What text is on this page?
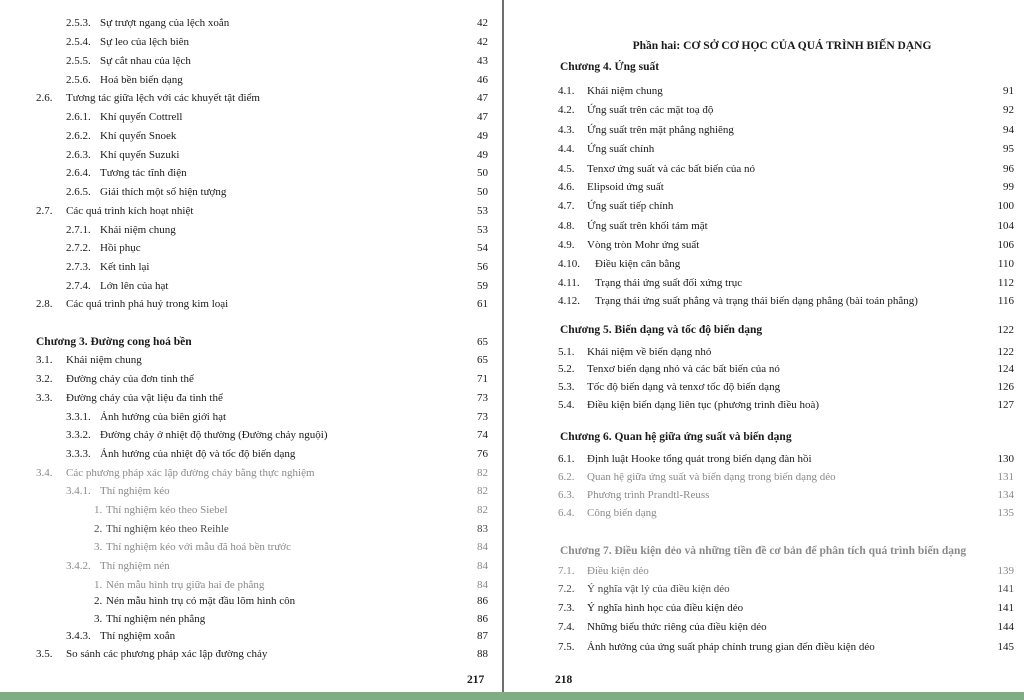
2.5.3. Sự trượt ngang của lệch xoắn	42
2.5.4. Sự leo của lệch biên	42
2.5.5. Sự cắt nhau của lệch	43
2.5.6. Hoá bền biến dạng	46
2.6. Tương tác giữa lệch với các khuyết tật điểm	47
2.6.1. Khí quyển Cottrell	47
2.6.2. Khí quyển Snoek	49
2.6.3. Khí quyển Suzuki	49
2.6.4. Tương tác tĩnh điện	50
2.6.5. Giải thích một số hiện tượng	50
2.7. Các quá trình kích hoạt nhiệt	53
2.7.1. Khái niệm chung	53
2.7.2. Hồi phục	54
2.7.3. Kết tinh lại	56
2.7.4. Lớn lên của hạt	59
2.8. Các quá trình phá huỷ trong kim loại	61
Chương 3. Đường cong hoá bền	65
3.1. Khái niệm chung	65
3.2. Đường chảy của đơn tinh thể	71
3.3. Đường chảy của vật liệu đa tinh thể	73
3.3.1. Ảnh hưởng của biên giới hạt	73
3.3.2. Đường chảy ở nhiệt độ thường (Đường chảy nguội)	74
3.3.3. Ảnh hưởng của nhiệt độ và tốc độ biến dạng	76
3.4. Các phương pháp xác lập đường chảy bằng thực nghiệm	82
3.4.1. Thí nghiệm kéo	82
1. Thí nghiệm kéo theo Siebel	82
2. Thí nghiệm kéo theo Reihle	83
3. Thí nghiệm kéo với mẫu đã hoá bền trước	84
3.4.2. Thí nghiệm nén	84
1. Nén mẫu hình trụ giữa hai đe phẳng	84
2. Nén mẫu hình trụ có mặt đầu lõm hình côn	86
3. Thí nghiệm nén phẳng	86
3.4.3. Thí nghiệm xoắn	87
3.5. So sánh các phương pháp xác lập đường chảy	88
217
Phần hai: CƠ SỞ CƠ HỌC CỦA QUÁ TRÌNH BIẾN DẠNG
Chương 4. Ứng suất
4.1. Khái niệm chung	91
4.2. Ứng suất trên các mặt toạ độ	92
4.3. Ứng suất trên mặt phẳng nghiêng	94
4.4. Ứng suất chính	95
4.5. Tenxơ ứng suất và các bất biến của nó	96
4.6. Elipsoid ứng suất	99
4.7. Ứng suất tiếp chính	100
4.8. Ứng suất trên khối tám mặt	104
4.9. Vòng tròn Mohr ứng suất	106
4.10. Điều kiện cân bằng	110
4.11. Trạng thái ứng suất đối xứng trục	112
4.12. Trạng thái ứng suất phẳng và trạng thái biến dạng phẳng (bài toán phẳng)	116
Chương 5. Biến dạng và tốc độ biến dạng	122
5.1. Khái niệm về biến dạng nhỏ	122
5.2. Tenxơ biến dạng nhỏ và các bất biến của nó	124
5.3. Tốc độ biến dạng và tenxơ tốc độ biến dạng	126
5.4. Điều kiện biến dạng liên tục (phương trình điều hoà)	127
Chương 6. Quan hệ giữa ứng suất và biến dạng
6.1. Định luật Hooke tổng quát trong biến dạng đàn hồi	130
6.2. Quan hệ giữa ứng suất và biến dạng trong biến dạng dẻo	131
6.3. Phương trình Prandtl-Reuss	134
6.4. Công biến dạng	135
Chương 7. Điều kiện dẻo và những tiền đề cơ bản để phân tích quá trình biến dạng
7.1. Điều kiện dẻo	139
7.2. Ý nghĩa vật lý của điều kiện dẻo	141
7.3. Ý nghĩa hình học của điều kiện dẻo	141
7.4. Những biểu thức riêng của điều kiện dẻo	144
7.5. Ảnh hưởng của ứng suất pháp chính trung gian đến điều kiện dẻo	145
218
